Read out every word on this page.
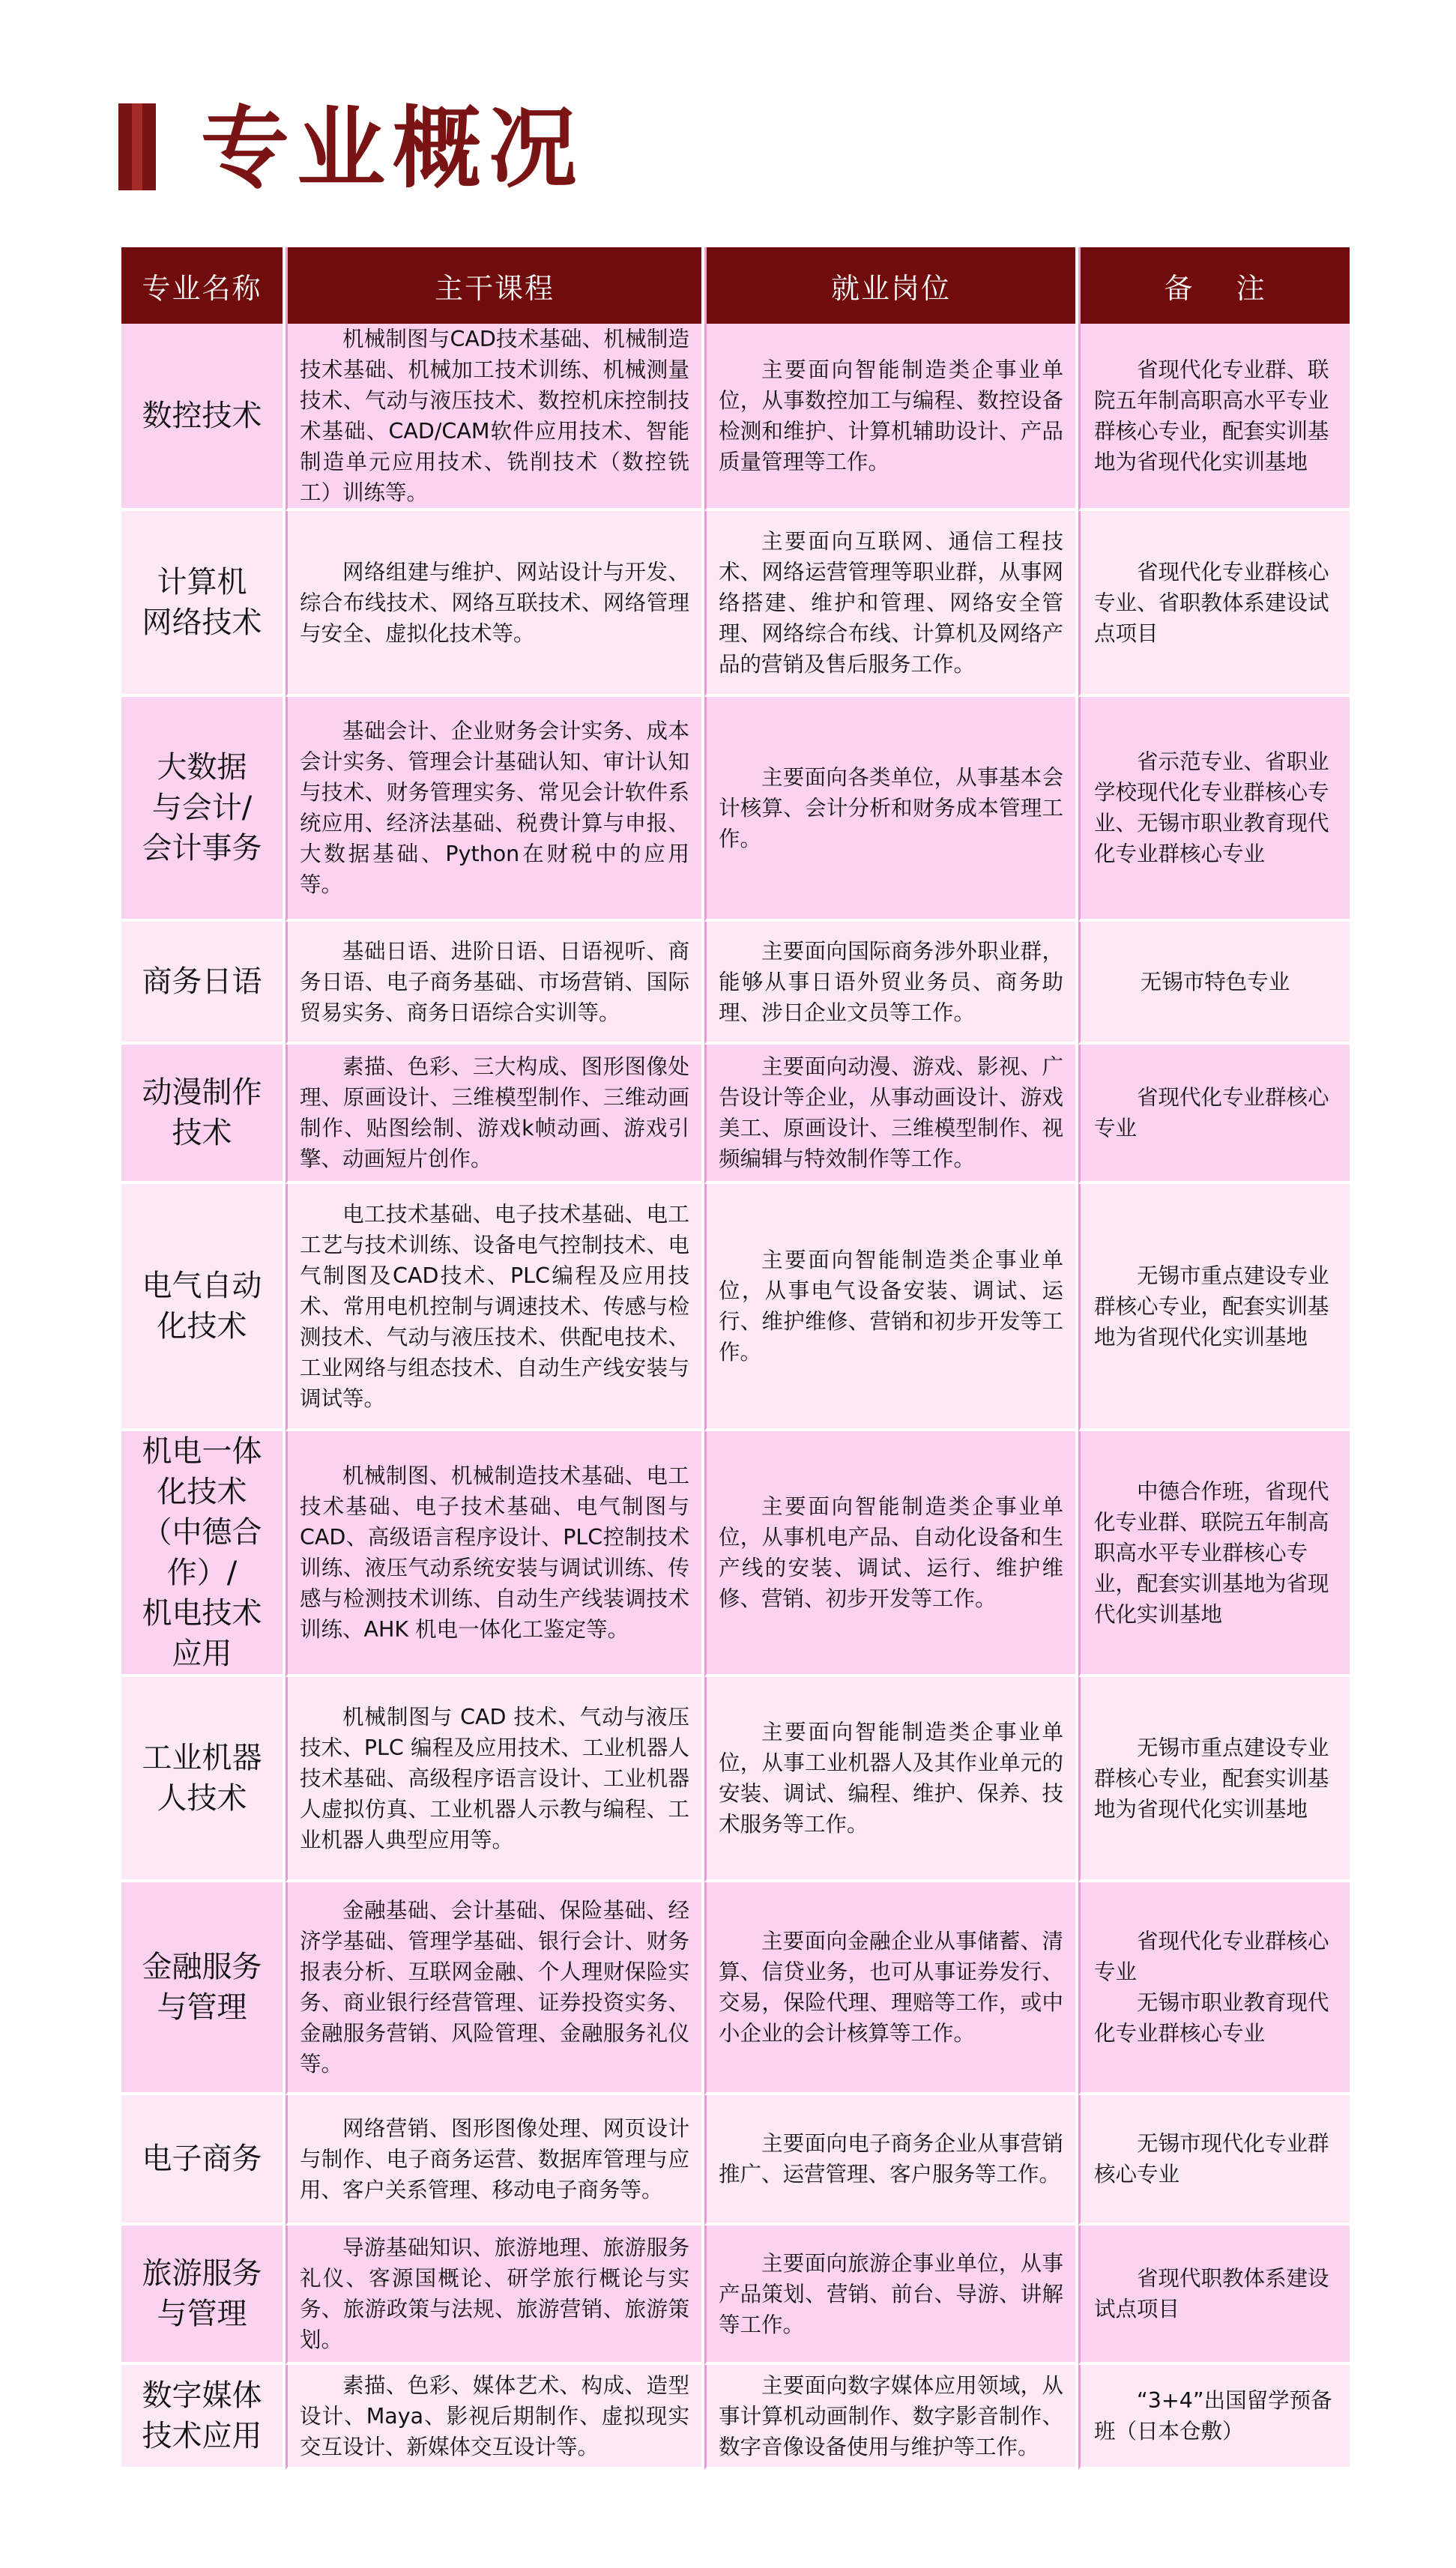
专业概况
专业名称	主干课程	就业岗位	备    注

数控技术	机械制图与CAD技术基础、机械制造技术基础、机械加工技术训练、机械测量技术、气动与液压技术、数控机床控制技术基础、CAD/CAM软件应用技术、智能制造单元应用技术、铣削技术（数控铣工）训练等。	主要面向智能制造类企事业单位，从事数控加工与编程、数控设备检测和维护、计算机辅助设计、产品质量管理等工作。	省现代化专业群、联院五年制高职高水平专业群核心专业，配套实训基地为省现代化实训基地

计算机
网络技术	网络组建与维护、网站设计与开发、综合布线技术、网络互联技术、网络管理与安全、虚拟化技术等。	主要面向互联网、通信工程技术、网络运营管理等职业群，从事网络搭建、维护和管理、网络安全管理、网络综合布线、计算机及网络产品的营销及售后服务工作。	省现代化专业群核心专业、省职教体系建设试点项目

大数据
与会计/
会计事务	基础会计、企业财务会计实务、成本会计实务、管理会计基础认知、审计认知与技术、财务管理实务、常见会计软件系统应用、经济法基础、税费计算与申报、大数据基础、Python在财税中的应用等。	主要面向各类单位，从事基本会计核算、会计分析和财务成本管理工作。	省示范专业、省职业学校现代化专业群核心专业、无锡市职业教育现代化专业群核心专业

商务日语	基础日语、进阶日语、日语视听、商务日语、电子商务基础、市场营销、国际贸易实务、商务日语综合实训等。	主要面向国际商务涉外职业群，能够从事日语外贸业务员、商务助理、涉日企业文员等工作。	无锡市特色专业

动漫制作
技术	素描、色彩、三大构成、图形图像处理、原画设计、三维模型制作、三维动画制作、贴图绘制、游戏k帧动画、游戏引擎、动画短片创作。	主要面向动漫、游戏、影视、广告设计等企业，从事动画设计、游戏美工、原画设计、三维模型制作、视频编辑与特效制作等工作。	省现代化专业群核心专业

电气自动
化技术	电工技术基础、电子技术基础、电工工艺与技术训练、设备电气控制技术、电气制图及CAD技术、PLC编程及应用技术、常用电机控制与调速技术、传感与检测技术、气动与液压技术、供配电技术、工业网络与组态技术、自动生产线安装与调试等。	主要面向智能制造类企事业单位，从事电气设备安装、调试、运行、维护维修、营销和初步开发等工作。	无锡市重点建设专业群核心专业，配套实训基地为省现代化实训基地

机电一体
化技术
（中德合作）/
机电技术
应用	机械制图、机械制造技术基础、电工技术基础、电子技术基础、电气制图与CAD、高级语言程序设计、PLC控制技术训练、液压气动系统安装与调试训练、传感与检测技术训练、自动生产线装调技术训练、AHK 机电一体化工鉴定等。	主要面向智能制造类企事业单位，从事机电产品、自动化设备和生产线的安装、调试、运行、维护维修、营销、初步开发等工作。	中德合作班，省现代化专业群、联院五年制高职高水平专业群核心专业，配套实训基地为省现代化实训基地

工业机器
人技术	机械制图与 CAD 技术、气动与液压技术、PLC 编程及应用技术、工业机器人技术基础、高级程序语言设计、工业机器人虚拟仿真、工业机器人示教与编程、工业机器人典型应用等。	主要面向智能制造类企事业单位，从事工业机器人及其作业单元的安装、调试、编程、维护、保养、技术服务等工作。	无锡市重点建设专业群核心专业，配套实训基地为省现代化实训基地

金融服务
与管理	金融基础、会计基础、保险基础、经济学基础、管理学基础、银行会计、财务报表分析、互联网金融、个人理财保险实务、商业银行经营管理、证券投资实务、金融服务营销、风险管理、金融服务礼仪等。	主要面向金融企业从事储蓄、清算、信贷业务，也可从事证券发行、交易，保险代理、理赔等工作，或中小企业的会计核算等工作。	省现代化专业群核心专业
无锡市职业教育现代化专业群核心专业

电子商务	网络营销、图形图像处理、网页设计与制作、电子商务运营、数据库管理与应用、客户关系管理、移动电子商务等。	主要面向电子商务企业从事营销推广、运营管理、客户服务等工作。	无锡市现代化专业群核心专业

旅游服务
与管理	导游基础知识、旅游地理、旅游服务礼仪、客源国概论、研学旅行概论与实务、旅游政策与法规、旅游营销、旅游策划。	主要面向旅游企事业单位，从事产品策划、营销、前台、导游、讲解等工作。	省现代职教体系建设试点项目

数字媒体
技术应用	素描、色彩、媒体艺术、构成、造型设计、Maya、影视后期制作、虚拟现实交互设计、新媒体交互设计等。	主要面向数字媒体应用领域，从事计算机动画制作、数字影音制作、数字音像设备使用与维护等工作。	“3+4”出国留学预备班（日本仓敷）
